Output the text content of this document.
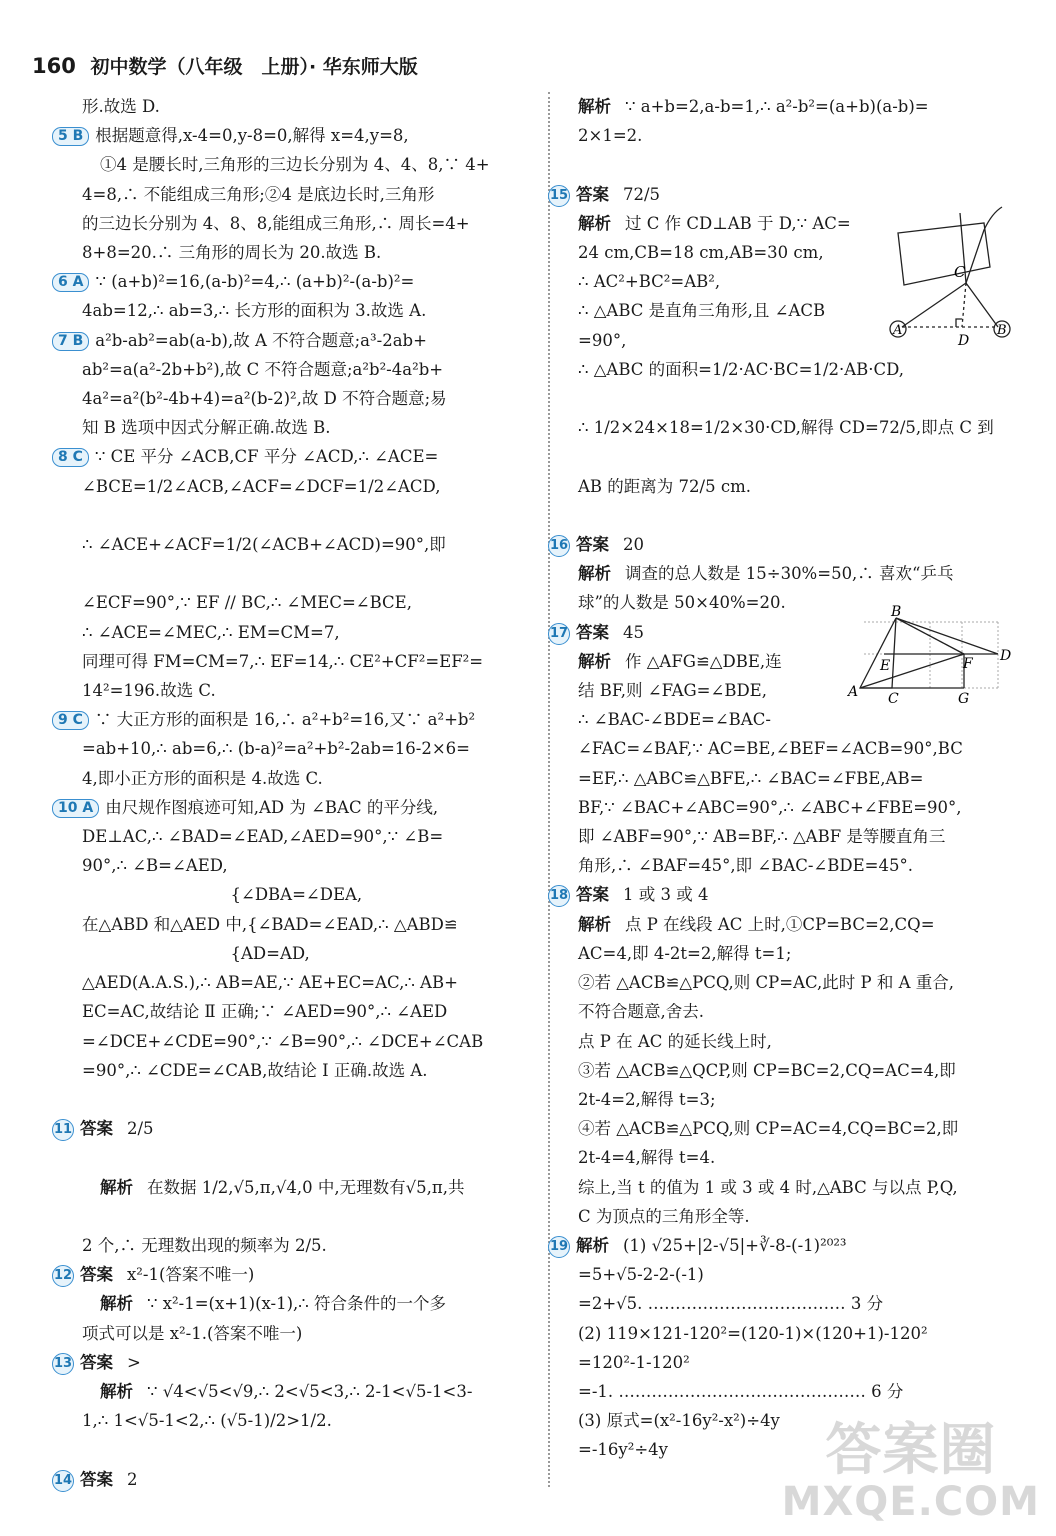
160 初中数学（八年级　上册）· 华东师大版
形.故选 D.
5 B 根据题意得,x-4=0,y-8=0,解得 x=4,y=8,
①4 是腰长时,三角形的三边长分别为 4、4、8,∵ 4+
4=8,∴ 不能组成三角形;②4 是底边长时,三角形
的三边长分别为 4、8、8,能组成三角形,∴ 周长=4+
8+8=20.∴ 三角形的周长为 20.故选 B.
6 A ∵ (a+b)²=16,(a-b)²=4,∴ (a+b)²-(a-b)²=
4ab=12,∴ ab=3,∴ 长方形的面积为 3.故选 A.
7 B a²b-ab²=ab(a-b),故 A 不符合题意;a³-2ab+
ab²=a(a²-2b+b²),故 C 不符合题意;a²b²-4a²b+
4a²=a²(b²-4b+4)=a²(b-2)²,故 D 不符合题意;易
知 B 选项中因式分解正确.故选 B.
8 C ∵ CE 平分 ∠ACB,CF 平分 ∠ACD,∴ ∠ACE=
∠BCE=1/2∠ACB,∠ACF=∠DCF=1/2∠ACD,

∴ ∠ACE+∠ACF=1/2(∠ACB+∠ACD)=90°,即

∠ECF=90°,∵ EF // BC,∴ ∠MEC=∠BCE,
∴ ∠ACE=∠MEC,∴ EM=CM=7,
同理可得 FM=CM=7,∴ EF=14,∴ CE²+CF²=EF²=
14²=196.故选 C.
9 C ∵ 大正方形的面积是 16,∴ a²+b²=16,又∵ a²+b²
=ab+10,∴ ab=6,∴ (b-a)²=a²+b²-2ab=16-2×6=
4,即小正方形的面积是 4.故选 C.
10 A 由尺规作图痕迹可知,AD 为 ∠BAC 的平分线,
DE⊥AC,∴ ∠BAD=∠EAD,∠AED=90°,∵ ∠B=
90°,∴ ∠B=∠AED,
　　　　　　　　　{∠DBA=∠DEA,
在△ABD 和△AED 中,{∠BAD=∠EAD,∴ △ABD≌
　　　　　　　　　{AD=AD,
△AED(A.A.S.),∴ AB=AE,∵ AE+EC=AC,∴ AB+
EC=AC,故结论 Ⅱ 正确;∵ ∠AED=90°,∴ ∠AED
=∠DCE+∠CDE=90°,∵ ∠B=90°,∴ ∠DCE+∠CAB
=90°,∴ ∠CDE=∠CAB,故结论 Ⅰ 正确.故选 A.

11 答案 2/5

解析 在数据 1/2,√5,π,√4,0 中,无理数有√5,π,共

2 个,∴ 无理数出现的频率为 2/5.
12 答案 x²-1(答案不唯一)
解析 ∵ x²-1=(x+1)(x-1),∴ 符合条件的一个多
项式可以是 x²-1.(答案不唯一)
13 答案 >
解析 ∵ √4<√5<√9,∴ 2<√5<3,∴ 2-1<√5-1<3-
1,∴ 1<√5-1<2,∴ (√5-1)/2>1/2.

14 答案 2
解析 ∵ a+b=2,a-b=1,∴ a²-b²=(a+b)(a-b)=
2×1=2.

15 答案 72/5
解析 过 C 作 CD⊥AB 于 D,∵ AC=
24 cm,CB=18 cm,AB=30 cm,
∴ AC²+BC²=AB²,
∴ △ABC 是直角三角形,且 ∠ACB
=90°,
∴ △ABC 的面积=1/2·AC·BC=1/2·AB·CD,

∴ 1/2×24×18=1/2×30·CD,解得 CD=72/5,即点 C 到

AB 的距离为 72/5 cm.

16 答案 20
解析 调查的总人数是 15÷30%=50,∴ 喜欢“乒乓
球”的人数是 50×40%=20.
17 答案 45
解析 作 △AFG≌△DBE,连
结 BF,则 ∠FAG=∠BDE,
∴ ∠BAC-∠BDE=∠BAC-
∠FAC=∠BAF,∵ AC=BE,∠BEF=∠ACB=90°,BC
=EF,∴ △ABC≌△BFE,∴ ∠BAC=∠FBE,AB=
BF,∵ ∠BAC+∠ABC=90°,∴ ∠ABC+∠FBE=90°,
即 ∠ABF=90°,∵ AB=BF,∴ △ABF 是等腰直角三
角形,∴ ∠BAF=45°,即 ∠BAC-∠BDE=45°.
18 答案 1 或 3 或 4
解析 点 P 在线段 AC 上时,①CP=BC=2,CQ=
AC=4,即 4-2t=2,解得 t=1;
②若 △ACB≌△PCQ,则 CP=AC,此时 P 和 A 重合,
不符合题意,舍去.
点 P 在 AC 的延长线上时,
③若 △ACB≌△QCP,则 CP=BC=2,CQ=AC=4,即
2t-4=2,解得 t=3;
④若 △ACB≌△PCQ,则 CP=AC=4,CQ=BC=2,即
2t-4=4,解得 t=4.
综上,当 t 的值为 1 或 3 或 4 时,△ABC 与以点 P,Q,
C 为顶点的三角形全等.
19 解析 (1) √25+|2-√5|+∛-8-(-1)²⁰²³
=5+√5-2-2-(-1)
=2+√5. ……………………………… 3 分
(2) 119×121-120²=(120-1)×(120+1)-120²
=120²-1-120²
=-1. ……………………………………… 6 分
(3) 原式=(x²-16y²-x²)÷4y
=-16y²÷4y
C
A
D
B
B
E	F D
A C	G
答案圈
MXQE.COM
